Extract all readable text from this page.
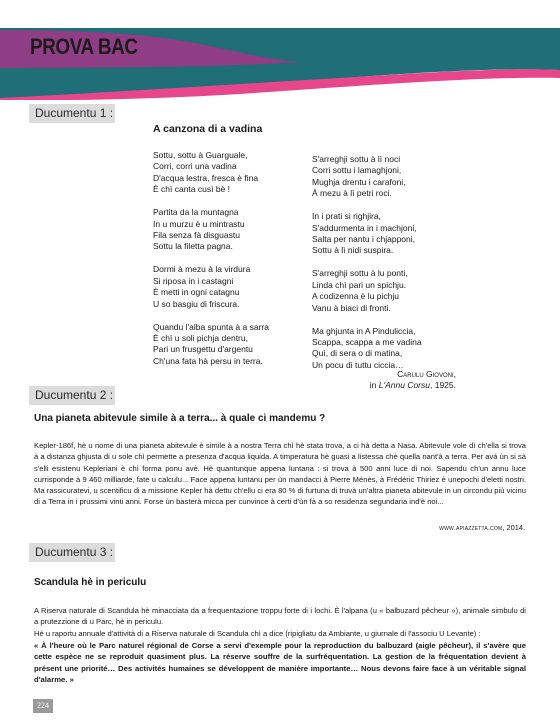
PROVA BAC
Ducumentu 1 :
A canzona di a vadina
Sottu, sottu à Guarguale,
Corri, corri una vadina
D'acqua lestra, fresca è fina
È chì canta cusì bè !
Partita da la muntagna
In u murzu è u mintrastu
Fila senza fà disguastu
Sottu la filetta pagna.
Dormi à mezu à la virdura
Si riposa in i castagni
È metti in ogni catagnu
U so basgiu di friscura.
Quandu l'alba spunta à a sarra
È chì u soli pichja dentru,
Pari un frusgettu d'argentu
Ch'una fata hà persu in terra.
S'arreghji sottu à lì noci
Corri sottu i lamaghjoni,
Mughja drentu i carafoni,
À mezu à lì petri roci.
In i prati si righjira,
S'addurmenta in i machjoni,
Salta per nantu i chjapponi,
Sottu à lì nidi suspira.
S'arreghji sottu à lu ponti,
Linda chì pari un spichju.
A codizenna è lu pichju
Vanu à biaci di fronti.
Ma ghjunta in A Pinduliccia,
Scappa, scappa a me vadina
Quì, di sera o di matina,
Un pocu di tuttu ciccia…
Carulu Giovoni,
in L'Annu Corsu, 1925.
Ducumentu 2 :
Una pianeta abitevule simile à a terra... à quale ci mandemu ?
Kepler-186f, hè u nome di una pianeta abitevule è simile à a nostra Terra chì hè stata trova, a ci hà detta a Nasa. Abitevule vole dì ch'ella si trova à a distanza ghjusta di u sole chì permette a presenza d'acqua liquida. A timperatura hè guasi a listessa chè quella nant'à a terra. Per avà ùn si sà s'elli esistenu Kepleriani è chì forma ponu avè. Hè quantunque appena luntana : si trova à 500 anni luce di noi. Sapendu ch'un annu luce currisponde à 9 460 milliarde, fate u calculu... Face appena luntanu per ùn mandacci à Pierre Ménès, à Frédéric Thiriez è unepochi d'eletti nostri. Ma rassicuratevi, u scentificu di a missione Kepler hà dettu ch'ellu ci era 80 % di furtuna di truvà un'altra pianeta abitevule in un circondu più vicinu di a Terra in i prussimi vinti anni. Forse ùn basterà micca per cunvince à certi d'ùn fà a so residenza segundaria ind'è noi...
www.apiazzetta.com, 2014.
Ducumentu 3 :
Scandula hè in periculu
A Riserva naturale di Scandula hè minacciata da a frequentazione troppu forte di i lochi. È l'alpana (u « balbuzard pêcheur »), animale simbulu di a prutezzione di u Parc, hè in periculu.
Hè u raportu annuale d'attività di a Riserva naturale di Scandula chì a dice (ripigliatu da Ambiante, u giurnale di l'associu U Levante) :
« À l'heure où le Parc naturel régional de Corse a servi d'exemple pour la reproduction du balbuzard (aigle pêcheur), il s'avère que cette espèce ne se reproduit quasiment plus. La réserve souffre de la surfréquentation. La gestion de la fréquentation devient à présent une priorité… Des activités humaines se développent de manière importante… Nous devons faire face à un véritable signal d'alarme. »
224
